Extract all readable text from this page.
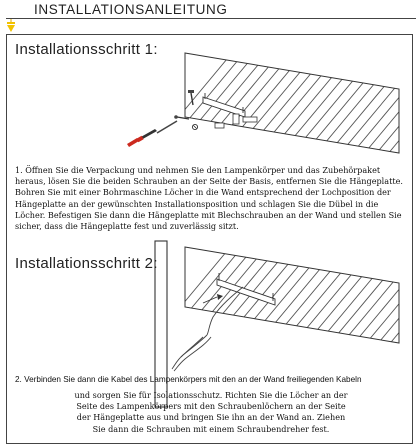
INSTALLATIONSANLEITUNG
Installationsschritt 1:
1. Öffnen Sie die Verpackung und nehmen Sie den Lampenkörper und das Zubehörpaket
heraus, lösen Sie die beiden Schrauben an der Seite der Basis, entfernen Sie die Hängeplatte.
Bohren Sie mit einer Bohrmaschine Löcher in die Wand entsprechend der Lochposition der
Hängeplatte an der gewünschten Installationsposition und schlagen Sie die Dübel in die
Löcher. Befestigen Sie dann die Hängeplatte mit Blechschrauben an der Wand und stellen Sie
sicher, dass die Hängeplatte fest und zuverlässig sitzt.
Installationsschritt 2:
2. Verbinden Sie dann die Kabel des Lampenkörpers mit den an der Wand freiliegenden Kabeln
und sorgen Sie für Isolationsschutz. Richten Sie die Löcher an der
Seite des Lampenkörpers mit den Schraubenlöchern an der Seite
der Hängeplatte aus und bringen Sie ihn an der Wand an. Ziehen
Sie dann die Schrauben mit einem Schraubendreher fest.
